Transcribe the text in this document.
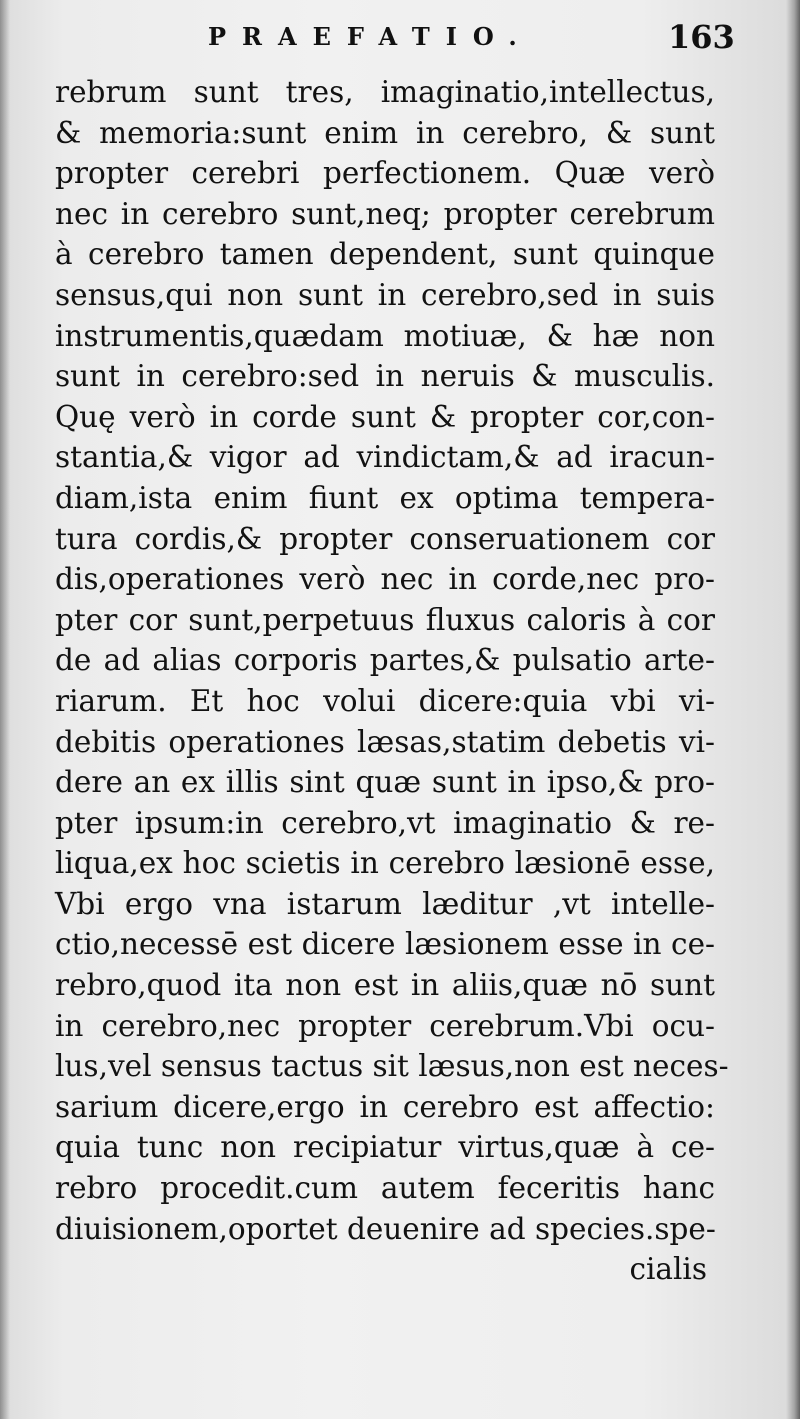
PRAEFATIO.	163
rebrum sunt tres, imaginatio,intellectus,
& memoria:sunt enim in cerebro, & sunt
propter cerebri perfectionem. Quæ verò
nec in cerebro sunt,neq; propter cerebrum
à cerebro tamen dependent, sunt quinque
sensus,qui non sunt in cerebro,sed in suis
instrumentis,quædam motiuæ, & hæ non
sunt in cerebro:sed in neruis & musculis.
Quę verò in corde sunt & propter cor,con-
stantia,& vigor ad vindictam,& ad iracun-
diam,ista enim fiunt ex optima tempera-
tura cordis,& propter conseruationem cor
dis,operationes verò nec in corde,nec pro-
pter cor sunt,perpetuus fluxus caloris à cor
de ad alias corporis partes,& pulsatio arte-
riarum. Et hoc volui dicere:quia vbi vi-
debitis operationes læsas,statim debetis vi-
dere an ex illis sint quæ sunt in ipso,& pro-
pter ipsum:in cerebro,vt imaginatio & re-
liqua,ex hoc scietis in cerebro læsionē esse,
Vbi ergo vna istarum læditur ,vt intelle-
ctio,necessē est dicere læsionem esse in ce-
rebro,quod ita non est in aliis,quæ nō sunt
in cerebro,nec propter cerebrum.Vbi ocu-
lus,vel sensus tactus sit læsus,non est neces-
sarium dicere,ergo in cerebro est affectio:
quia tunc non recipiatur virtus,quæ à ce-
rebro procedit.cum autem feceritis hanc
diuisionem,oportet deuenire ad species.spe-
cialis
